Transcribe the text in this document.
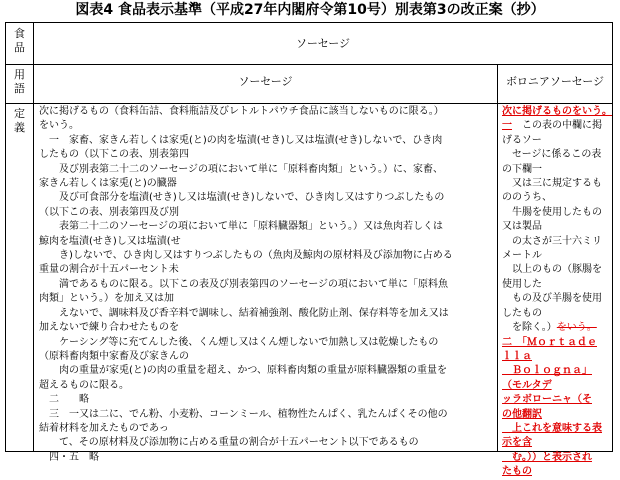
図表4 食品表示基準（平成27年内閣府令第10号）別表第3の改正案（抄）
食
品
用
語
定
義
ソーセージ
ソーセージ	ボロニアソーセージ
次に掲げるもの（食料缶詰、食料瓶詰及びレトルトパウチ食品に該当しないものに限る。）
をいう。
　一　家畜、家きん若しくは家兎(と)の肉を塩漬(せき)し又は塩漬(せき)しないで、ひき肉
したもの（以下この表、別表第四
　　及び別表第二十二のソーセージの項において単に「原料畜肉類」という。）に、家畜、
家きん若しくは家兎(と)の臓器
　　及び可食部分を塩漬(せき)し又は塩漬(せき)しないで、ひき肉し又はすりつぶしたもの
（以下この表、別表第四及び別
　　表第二十二のソーセージの項において単に「原料臓器類」という。）又は魚肉若しくは
鯨肉を塩漬(せき)し又は塩漬(せ
　　き)しないで、ひき肉し又はすりつぶしたもの（魚肉及鯨肉の原材料及び添加物に占める
重量の割合が十五パーセント未
　　満であるものに限る。以下この表及び別表第四のソーセージの項において単に「原料魚
肉類」という。）を加え又は加
　　えないで、調味料及び香辛料で調味し、結着補強剤、酸化防止剤、保存料等を加え又は
加えないで練り合わせたものを
　　ケーシング等に充てんした後、くん煙し又はくん煙しないで加熱し又は乾燥したもの
（原料畜肉類中家畜及び家きんの
　　肉の重量が家兎(と)の肉の重量を超え、かつ、原料畜肉類の重量が原料臓器類の重量を
超えるものに限る。
　二　　略
　三　一又は二に、でん粉、小麦粉、コーンミール、植物性たんぱく、乳たんぱくその他の
結着材料を加えたものであっ
　　て、その原材料及び添加物に占める重量の割合が十五パーセント以下であるもの
　四・五　略
次に掲げるものをいう。
一　この表の中欄に掲
げるソー
　セージに係るこの表
の下欄一
　又は三に規定するも
ののうち、
　牛腸を使用したもの
又は製品
　の太さが三十六ミリ
メートル
　以上のもの（豚腸を
使用した
　もの及び羊腸を使用
したもの
　を除く。）をいう。
二　「Ｍｏｒｔａｄｅ
ｌｌａ
　Ｂｏｌｏｇｎａ」
（モルタデ
ッラボローニャ（そ
の他翻訳
　上これを意味する表
示を含
　む。））と表示され
たもの
